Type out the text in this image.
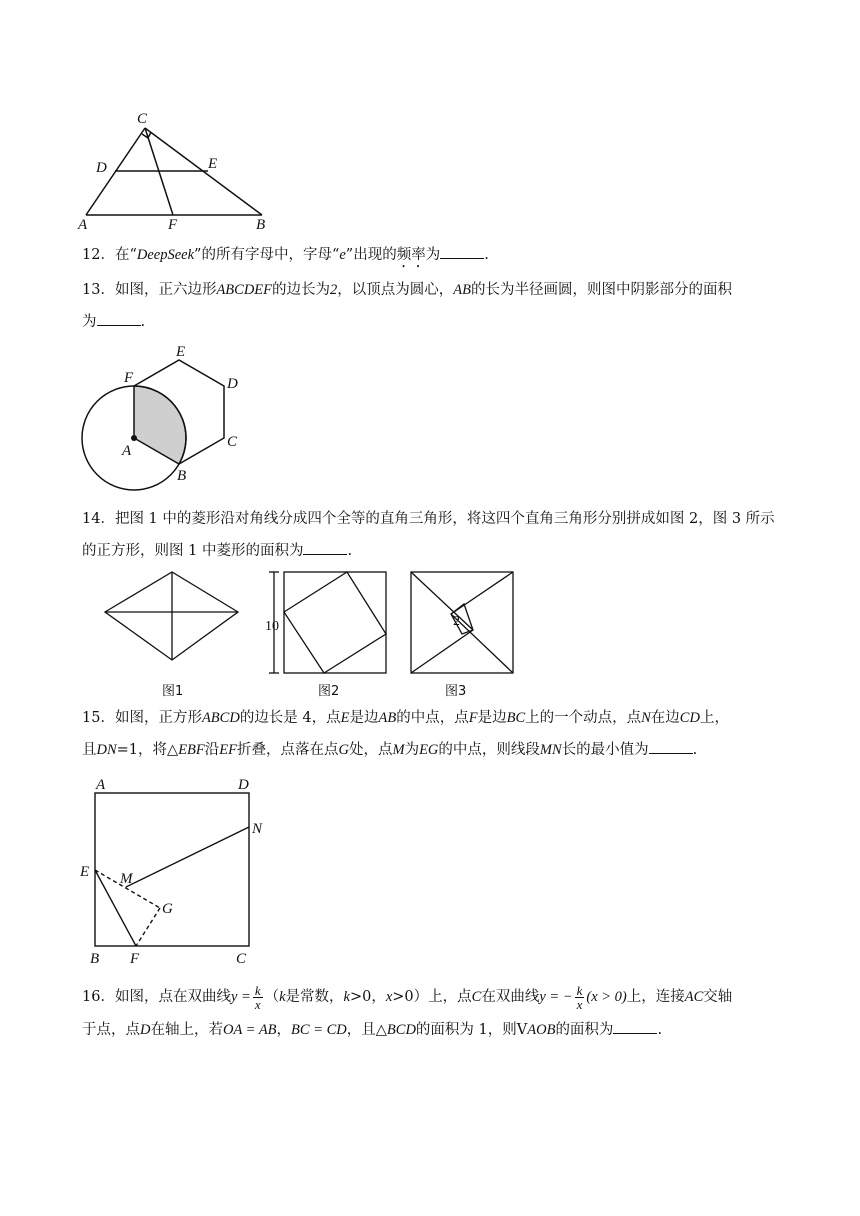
C
D	E
A	F	B

12．在“DeepSeek”的所有字母中，字母“e”出现的频率为	.

13．如图，正六边形ABCDEF的边长为2，以顶点为圆心，AB的长为半径画圆，则图中阴影部分的面积

为	.

E
F	D
C
A
B

14．把图 1 中的菱形沿对角线分成四个全等的直角三角形，将这四个直角三角形分别拼成如图 2，图 3 所示

的正方形，则图 1 中菱形的面积为	.

10	2
图1	图2	图3

15．如图，正方形ABCD的边长是 4，点E是边AB的中点，点F是边BC上的一个动点，点N在边CD上，

且DN=1，将△EBF沿EF折叠，点落在点G处，点M为EG的中点，则线段MN长的最小值为	.

A	D
N
E M
G
B F	C

16．如图，点在双曲线$y = \frac{k}{x} (k$是常数，k>0，x>0）上，点C在双曲线y = − $\frac{k}{x} (x > 0)$上，连接AC交轴

于点，点D在轴上，若OA = AB，BC = CD，且△BCD的面积为 1，则VAOB的面积为	.
